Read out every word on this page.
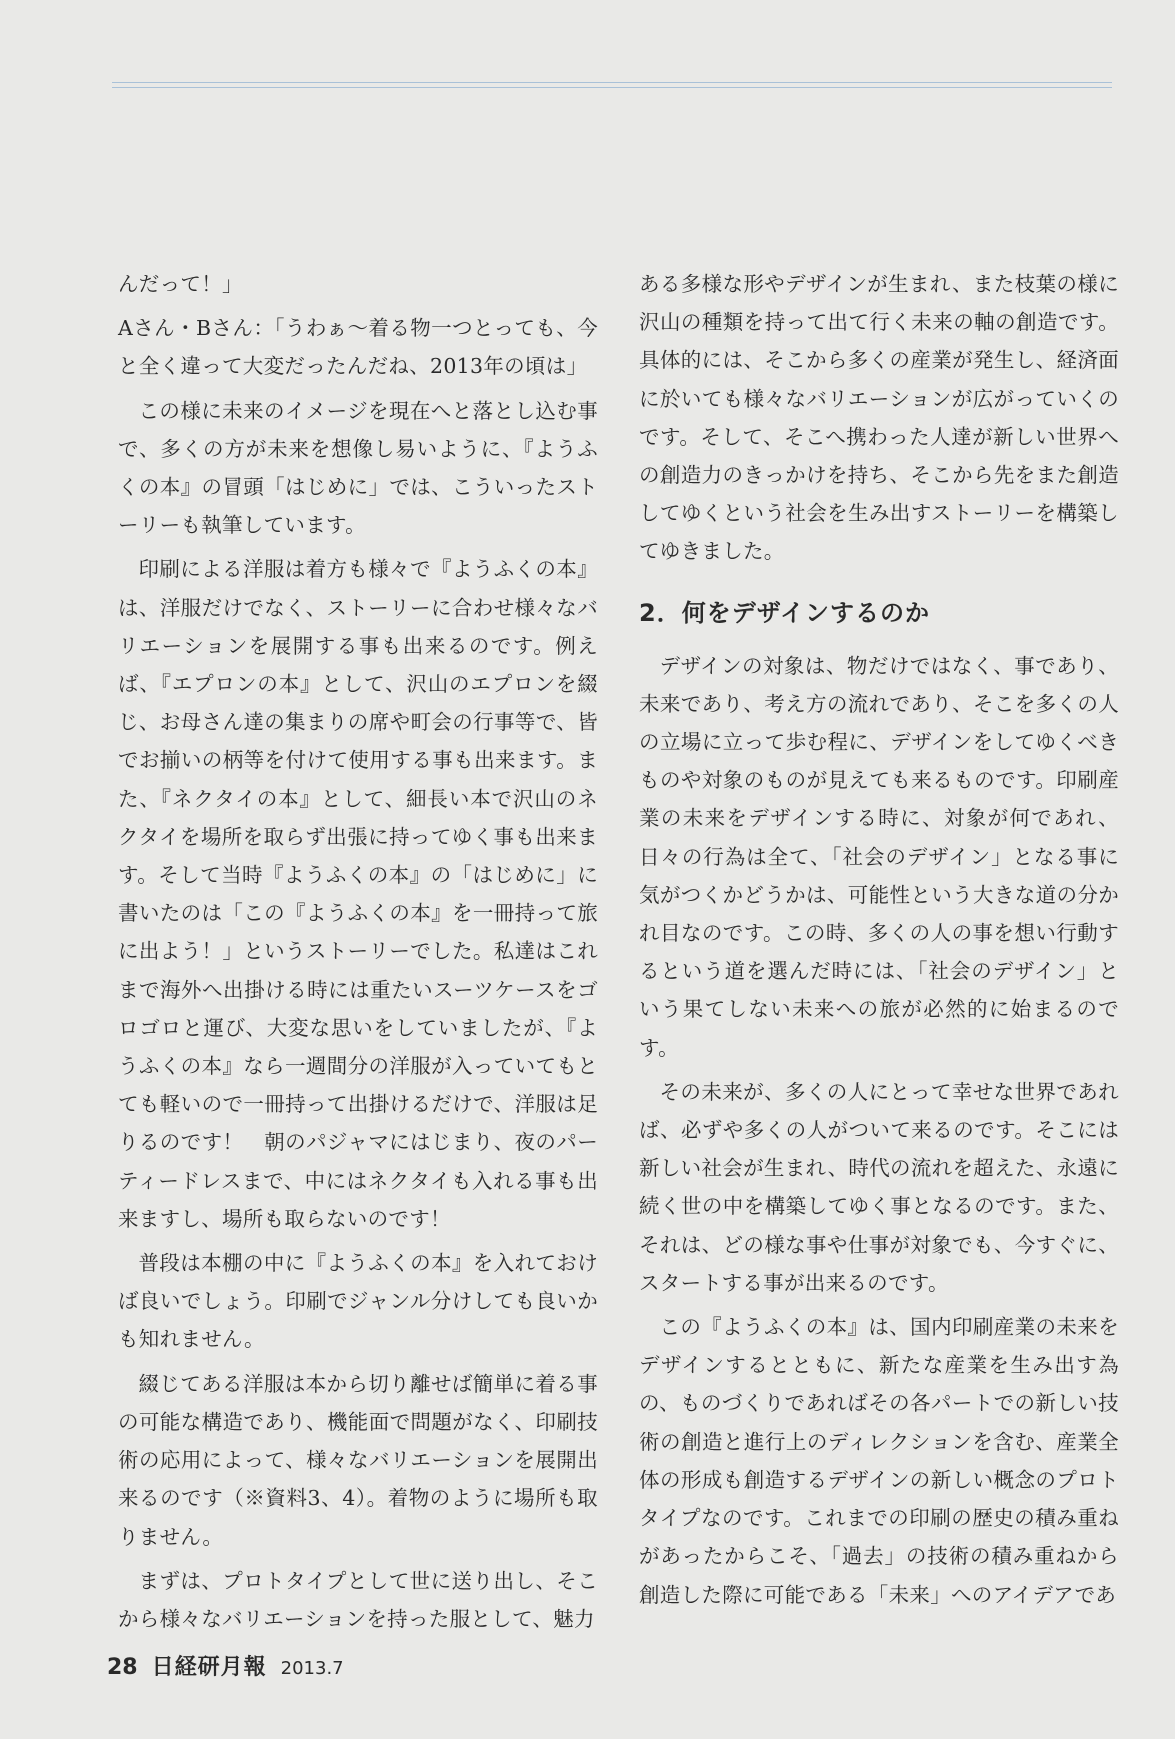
んだって！」

Aさん・Bさん：「うわぁ〜着る物一つとっても、今と全く違って大変だったんだね、2013年の頃は」

この様に未来のイメージを現在へと落とし込む事で、多くの方が未来を想像し易いように、『ようふくの本』の冒頭「はじめに」では、こういったストーリーも執筆しています。

印刷による洋服は着方も様々で『ようふくの本』は、洋服だけでなく、ストーリーに合わせ様々なバリエーションを展開する事も出来るのです。例えば、『エプロンの本』として、沢山のエプロンを綴じ、お母さん達の集まりの席や町会の行事等で、皆でお揃いの柄等を付けて使用する事も出来ます。また、『ネクタイの本』として、細長い本で沢山のネクタイを場所を取らず出張に持ってゆく事も出来ます。そして当時『ようふくの本』の「はじめに」に書いたのは「この『ようふくの本』を一冊持って旅に出よう！」というストーリーでした。私達はこれまで海外へ出掛ける時には重たいスーツケースをゴロゴロと運び、大変な思いをしていましたが、『ようふくの本』なら一週間分の洋服が入っていてもとても軽いので一冊持って出掛けるだけで、洋服は足りるのです！　朝のパジャマにはじまり、夜のパーティードレスまで、中にはネクタイも入れる事も出来ますし、場所も取らないのです！

普段は本棚の中に『ようふくの本』を入れておけば良いでしょう。印刷でジャンル分けしても良いかも知れません。

綴じてある洋服は本から切り離せば簡単に着る事の可能な構造であり、機能面で問題がなく、印刷技術の応用によって、様々なバリエーションを展開出来るのです（※資料3、4）。着物のように場所も取りません。

まずは、プロトタイプとして世に送り出し、そこから様々なバリエーションを持った服として、魅力

ある多様な形やデザインが生まれ、また枝葉の様に沢山の種類を持って出て行く未来の軸の創造です。具体的には、そこから多くの産業が発生し、経済面に於いても様々なバリエーションが広がっていくのです。そして、そこへ携わった人達が新しい世界への創造力のきっかけを持ち、そこから先をまた創造してゆくという社会を生み出すストーリーを構築してゆきました。

2．何をデザインするのか

デザインの対象は、物だけではなく、事であり、未来であり、考え方の流れであり、そこを多くの人の立場に立って歩む程に、デザインをしてゆくべきものや対象のものが見えても来るものです。印刷産業の未来をデザインする時に、対象が何であれ、日々の行為は全て、「社会のデザイン」となる事に気がつくかどうかは、可能性という大きな道の分かれ目なのです。この時、多くの人の事を想い行動するという道を選んだ時には、「社会のデザイン」という果てしない未来への旅が必然的に始まるのです。

その未来が、多くの人にとって幸せな世界であれば、必ずや多くの人がついて来るのです。そこには新しい社会が生まれ、時代の流れを超えた、永遠に続く世の中を構築してゆく事となるのです。また、それは、どの様な事や仕事が対象でも、今すぐに、スタートする事が出来るのです。

この『ようふくの本』は、国内印刷産業の未来をデザインするとともに、新たな産業を生み出す為の、ものづくりであればその各パートでの新しい技術の創造と進行上のディレクションを含む、産業全体の形成も創造するデザインの新しい概念のプロトタイプなのです。これまでの印刷の歴史の積み重ねがあったからこそ、「過去」の技術の積み重ねから創造した際に可能である「未来」へのアイデアであ

28 日経研月報 2013.7
